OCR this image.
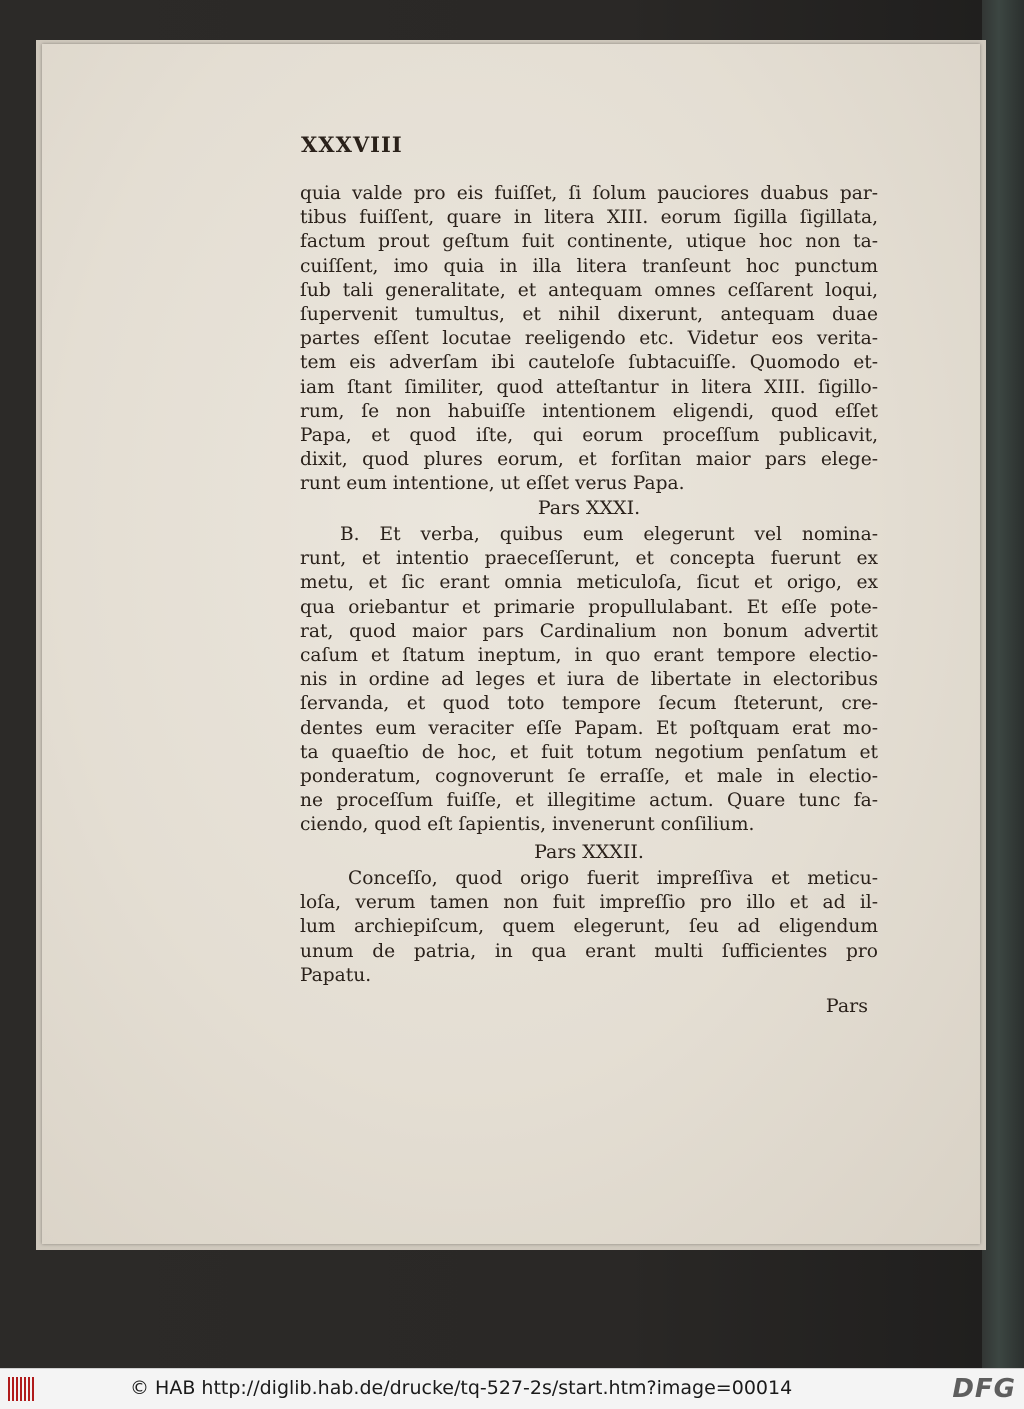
XXXVIII
quia valde pro eis fuiſſet, ſi ſolum pauciores duabus par-
tibus fuiſſent, quare in litera XIII. eorum ſigilla ſigillata,
factum prout geſtum fuit continente, utique hoc non ta-
cuiſſent, imo quia in illa litera tranſeunt hoc punctum
ſub tali generalitate, et antequam omnes ceſſarent loqui,
ſupervenit tumultus, et nihil dixerunt, antequam duae
partes eſſent locutae reeligendo etc. Videtur eos verita-
tem eis adverſam ibi cauteloſe ſubtacuiſſe. Quomodo et-
iam ſtant ſimiliter, quod atteſtantur in litera XIII. ſigillo-
rum, ſe non habuiſſe intentionem eligendi, quod eſſet
Papa, et quod iſte, qui eorum proceſſum publicavit,
dixit, quod plures eorum, et forſitan maior pars elege-
runt eum intentione, ut eſſet verus Papa.
Pars XXXI.
B. Et verba, quibus eum elegerunt vel nomina-
runt, et intentio praeceſſerunt, et concepta fuerunt ex
metu, et ſic erant omnia meticuloſa, ſicut et origo, ex
qua oriebantur et primarie propullulabant. Et eſſe pote-
rat, quod maior pars Cardinalium non bonum advertit
caſum et ſtatum ineptum, in quo erant tempore electio-
nis in ordine ad leges et iura de libertate in electoribus
ſervanda, et quod toto tempore ſecum ſteterunt, cre-
dentes eum veraciter eſſe Papam. Et poſtquam erat mo-
ta quaeſtio de hoc, et fuit totum negotium penſatum et
ponderatum, cognoverunt ſe erraſſe, et male in electio-
ne proceſſum fuiſſe, et illegitime actum. Quare tunc fa-
ciendo, quod eſt ſapientis, invenerunt conſilium.
Pars XXXII.
Conceſſo, quod origo fuerit impreſſiva et meticu-
loſa, verum tamen non fuit impreſſio pro illo et ad il-
lum archiepiſcum, quem elegerunt, ſeu ad eligendum
unum de patria, in qua erant multi ſufficientes pro
Papatu.
Pars
© HAB http://diglib.hab.de/drucke/tq-527-2s/start.htm?image=00014	DFG
